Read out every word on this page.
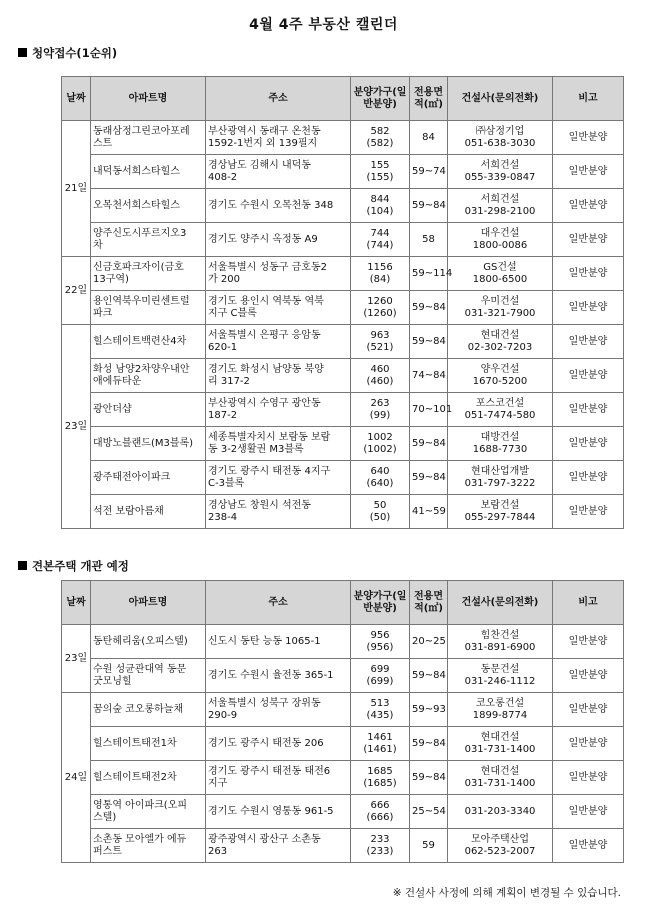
4월 4주 부동산 캘린더
청약접수(1순위)
날짜	아파트명	주소	분양가구(일반분양)	전용면적(㎡)	건설사(문의전화)	비고

21일	동래삼정그린코아포레
스트	부산광역시 동래구 온천동
1592-1번지 외 139필지	582
(582)	84	㈜삼정기업
051-638-3030	일반분양

	내덕동서희스타힐스	경상남도 김해시 내덕동
408-2	155
(155)	59~74	서희건설
055-339-0847	일반분양

	오목천서희스타힐스	경기도 수원시 오목천동 348	844
(104)	59~84	서희건설
031-298-2100	일반분양

	양주신도시푸르지오3
차	경기도 양주시 옥정동 A9	744
(744)	58	대우건설
1800-0086	일반분양

22일	신금호파크자이(금호
13구역)	서울특별시 성동구 금호동2
가 200	1156
(84)	59~114	GS건설
1800-6500	일반분양

	용인역북우미린센트럴
파크	경기도 용인시 역북동 역북
지구 C블록	1260
(1260)	59~84	우미건설
031-321-7900	일반분양

23일	힐스테이트백련산4차	서울특별시 은평구 응암동
620-1	963
(521)	59~84	현대건설
02-302-7203	일반분양

	화성 남양2차양우내안
애에듀타운	경기도 화성시 남양동 북양
리 317-2	460
(460)	74~84	양우건설
1670-5200	일반분양

	광안더샵	부산광역시 수영구 광안동
187-2	263
(99)	70~101	포스코건설
051-7474-580	일반분양

	대방노블랜드(M3블록)	세종특별자치시 보람동 보람
동 3-2생활권 M3블록	1002
(1002)	59~84	대방건설
1688-7730	일반분양

	광주태전아이파크	경기도 광주시 태전동 4지구
C-3블록	640
(640)	59~84	현대산업개발
031-797-3222	일반분양

	석전 보람아름채	경상남도 창원시 석전동
238-4	50
(50)	41~59	보람건설
055-297-7844	일반분양
견본주택 개관 예정
날짜	아파트명	주소	분양가구(일반분양)	전용면적(㎡)	건설사(문의전화)	비고

23일	동탄헤리움(오피스텔)	신도시 동탄 능동 1065-1	956
(956)	20~25	힘찬건설
031-891-6900	일반분양

	수원 성균관대역 동문
굿모닝힐	경기도 수원시 율전동 365-1	699
(699)	59~84	동문건설
031-246-1112	일반분양

24일	꿈의숲 코오롱하늘채	서울특별시 성북구 장위동
290-9	513
(435)	59~93	코오롱건설
1899-8774	일반분양

	힐스테이트태전1차	경기도 광주시 태전동 206	1461
(1461)	59~84	현대건설
031-731-1400	일반분양

	힐스테이트태전2차	경기도 광주시 태전동 태전6
지구	1685
(1685)	59~84	현대건설
031-731-1400	일반분양

	영통역 아이파크(오피
스텔)	경기도 수원시 영통동 961-5	666
(666)	25~54	031-203-3340	일반분양

	소촌동 모아엘가 에듀
퍼스트	광주광역시 광산구 소촌동
263	233
(233)	59	모아주택산업
062-523-2007	일반분양
※ 건설사 사정에 의해 계획이 변경될 수 있습니다.
